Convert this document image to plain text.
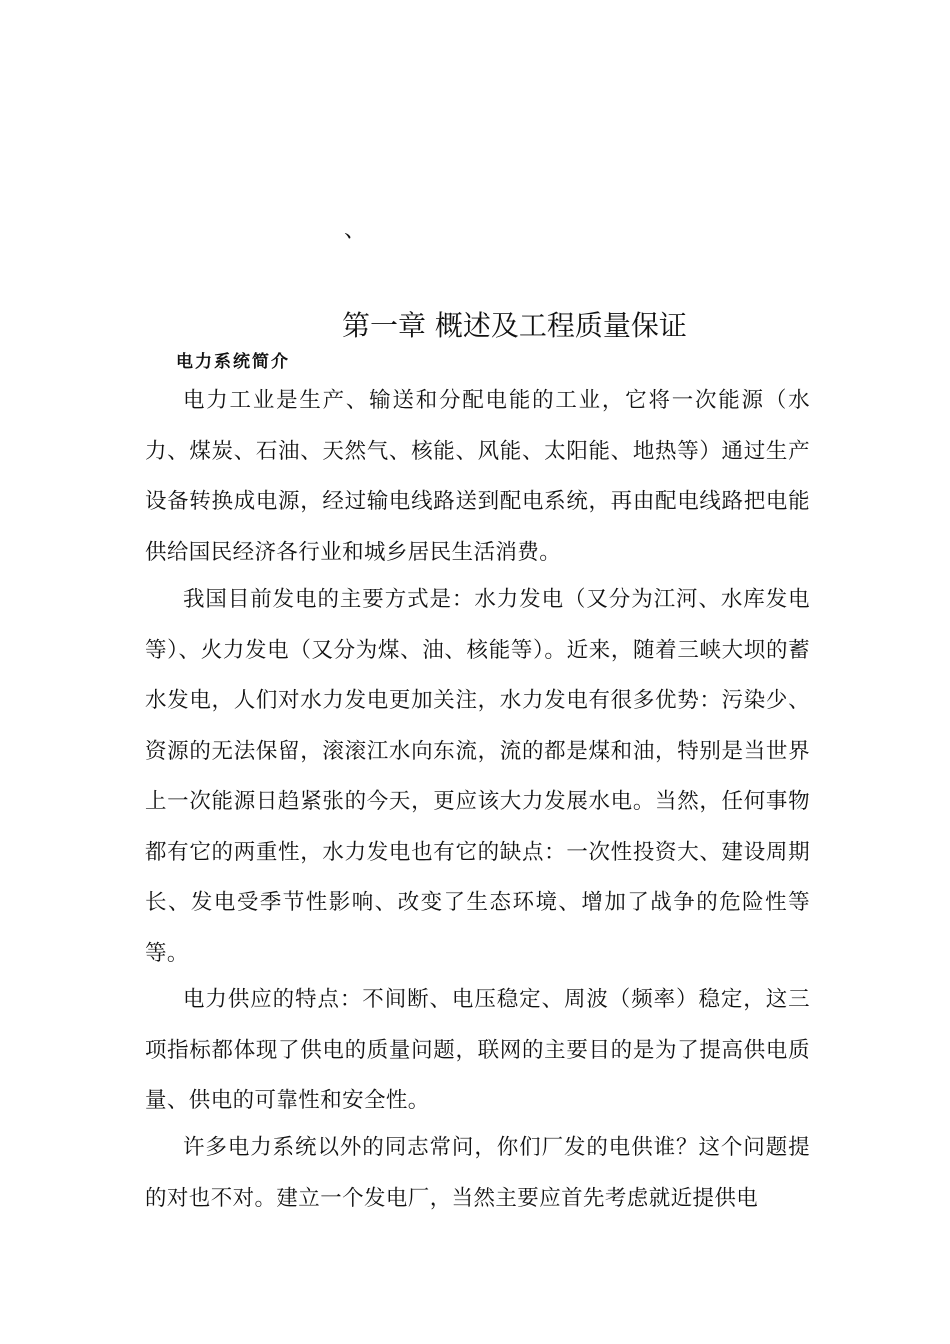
、
第一章 概述及工程质量保证
电力系统简介

电力工业是生产、输送和分配电能的工业，它将一次能源（水力、煤炭、石油、天然气、核能、风能、太阳能、地热等）通过生产设备转换成电源，经过输电线路送到配电系统，再由配电线路把电能供给国民经济各行业和城乡居民生活消费。

我国目前发电的主要方式是：水力发电（又分为江河、水库发电等）、火力发电（又分为煤、油、核能等）。近来，随着三峡大坝的蓄水发电，人们对水力发电更加关注，水力发电有很多优势：污染少、资源的无法保留，滚滚江水向东流，流的都是煤和油，特别是当世界上一次能源日趋紧张的今天，更应该大力发展水电。当然，任何事物都有它的两重性，水力发电也有它的缺点：一次性投资大、建设周期长、发电受季节性影响、改变了生态环境、增加了战争的危险性等等。

电力供应的特点：不间断、电压稳定、周波（频率）稳定，这三项指标都体现了供电的质量问题，联网的主要目的是为了提高供电质量、供电的可靠性和安全性。

许多电力系统以外的同志常问，你们厂发的电供谁？这个问题提的对也不对。建立一个发电厂，当然主要应首先考虑就近提供电
